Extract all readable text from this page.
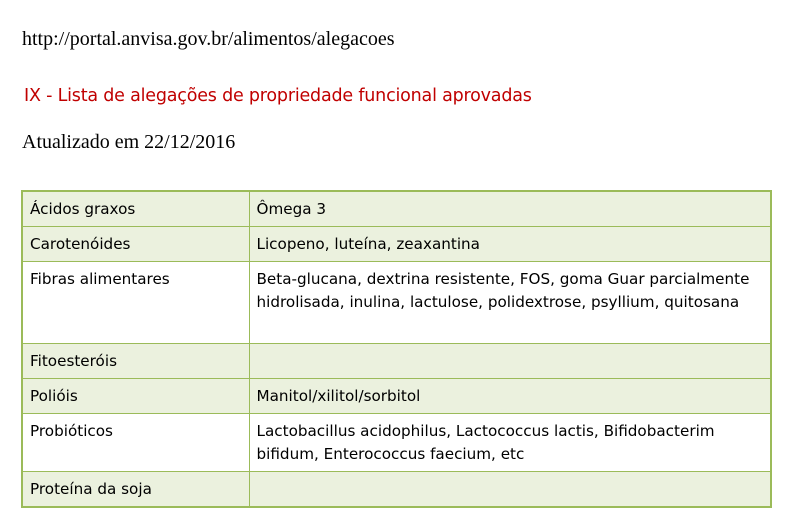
http://portal.anvisa.gov.br/alimentos/alegacoes
IX - Lista de alegações de propriedade funcional aprovadas
Atualizado em 22/12/2016
Ácidos graxos	Ômega 3
Carotenóides	Licopeno, luteína, zeaxantina
Fibras alimentares	Beta-glucana, dextrina resistente, FOS, goma Guar parcialmente hidrolisada, inulina, lactulose, polidextrose, psyllium, quitosana
Fitoesteróis	
Polióis	Manitol/xilitol/sorbitol
Probióticos	Lactobacillus acidophilus, Lactococcus lactis, Bifidobacterim bifidum, Enterococcus faecium, etc
Proteína da soja	
